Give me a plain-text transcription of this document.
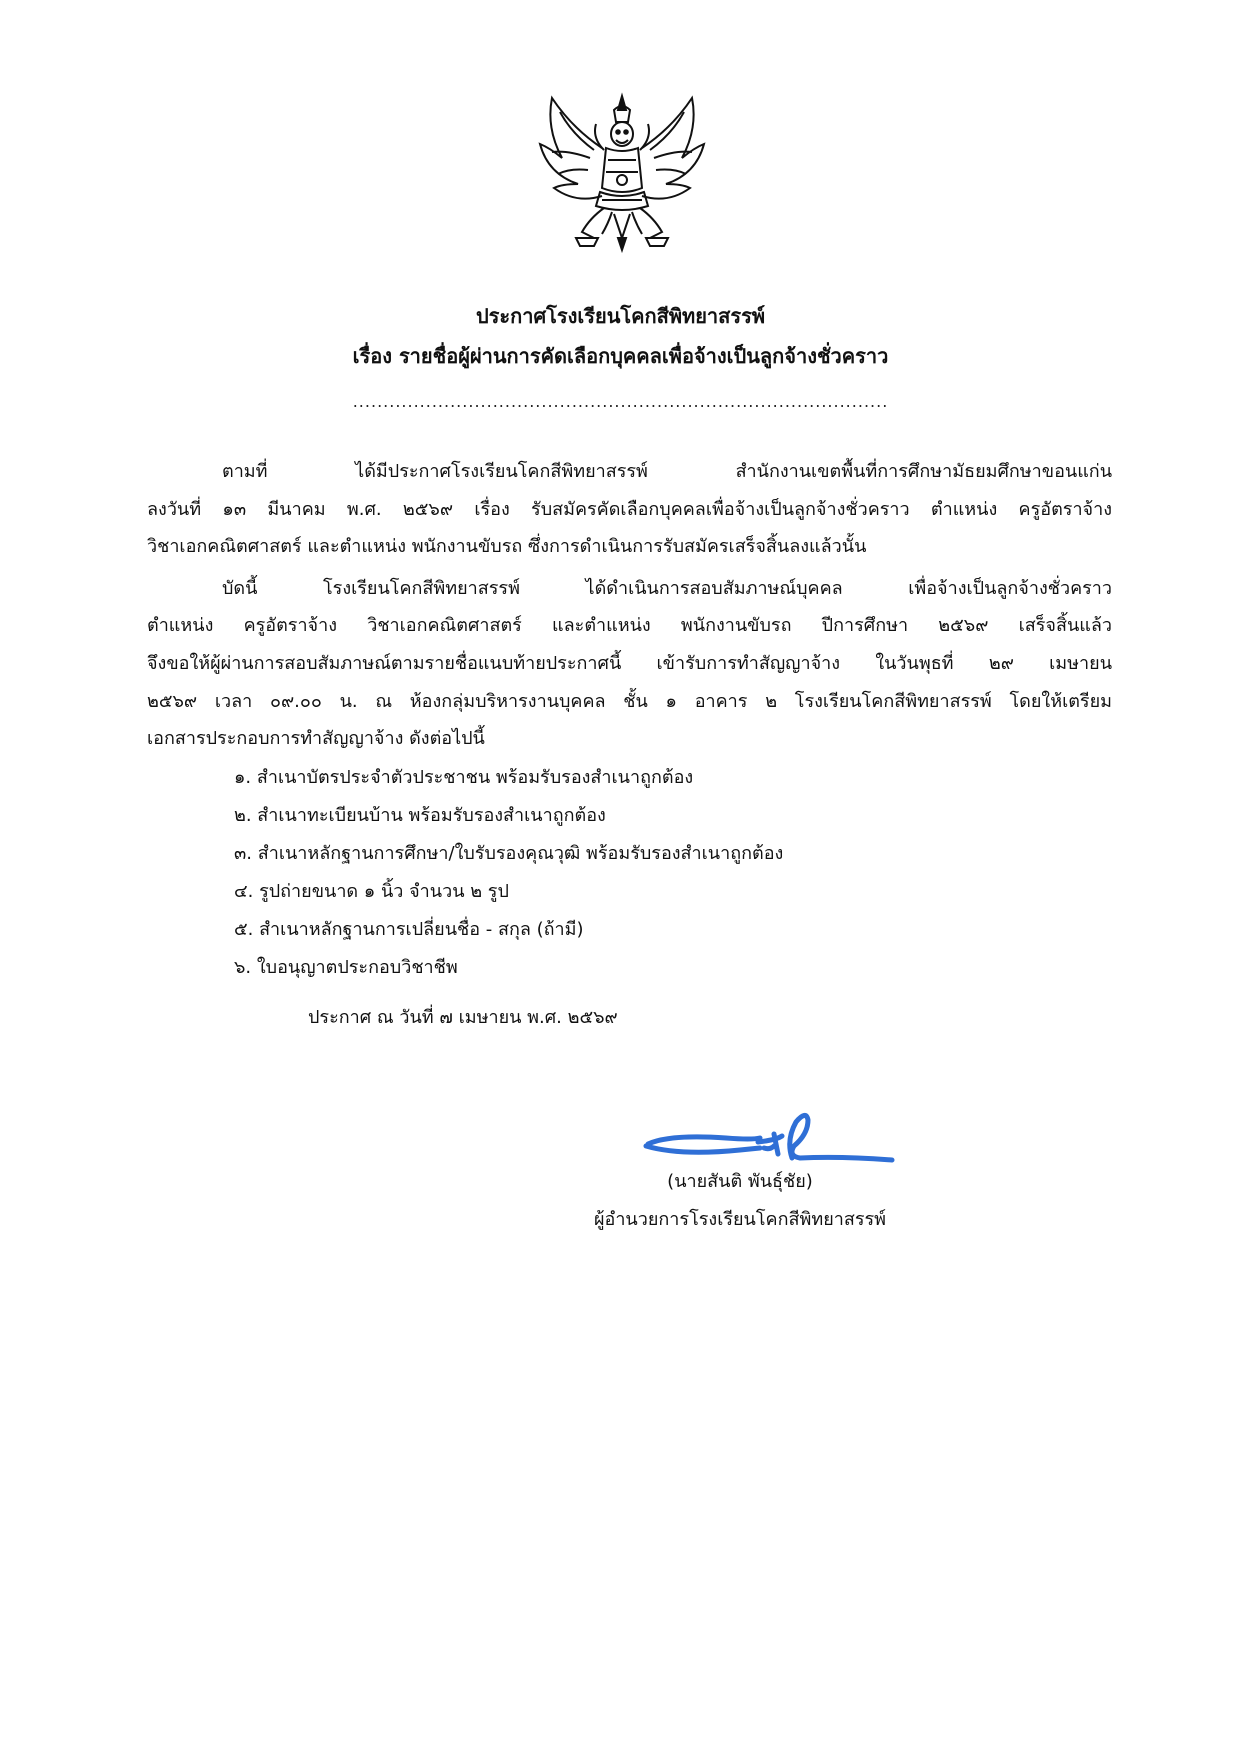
ประกาศโรงเรียนโคกสีพิทยาสรรพ์
เรื่อง รายชื่อผู้ผ่านการคัดเลือกบุคคลเพื่อจ้างเป็นลูกจ้างชั่วคราว
........................................................................................
ตามที่ ได้มีประกาศโรงเรียนโคกสีพิทยาสรรพ์ สำนักงานเขตพื้นที่การศึกษามัธยมศึกษาขอนแก่น
ลงวันที่ ๑๓ มีนาคม พ.ศ. ๒๕๖๙ เรื่อง รับสมัครคัดเลือกบุคคลเพื่อจ้างเป็นลูกจ้างชั่วคราว ตำแหน่ง ครูอัตราจ้าง
วิชาเอกคณิตศาสตร์ และตำแหน่ง พนักงานขับรถ ซึ่งการดำเนินการรับสมัครเสร็จสิ้นลงแล้วนั้น
บัดนี้ โรงเรียนโคกสีพิทยาสรรพ์ ได้ดำเนินการสอบสัมภาษณ์บุคคล เพื่อจ้างเป็นลูกจ้างชั่วคราว
ตำแหน่ง ครูอัตราจ้าง วิชาเอกคณิตศาสตร์ และตำแหน่ง พนักงานขับรถ ปีการศึกษา ๒๕๖๙ เสร็จสิ้นแล้ว
จึงขอให้ผู้ผ่านการสอบสัมภาษณ์ตามรายชื่อแนบท้ายประกาศนี้ เข้ารับการทำสัญญาจ้าง ในวันพุธที่ ๒๙ เมษายน
๒๕๖๙ เวลา ๐๙.๐๐ น. ณ ห้องกลุ่มบริหารงานบุคคล ชั้น ๑ อาคาร ๒ โรงเรียนโคกสีพิทยาสรรพ์ โดยให้เตรียม
เอกสารประกอบการทำสัญญาจ้าง ดังต่อไปนี้
๑. สำเนาบัตรประจำตัวประชาชน พร้อมรับรองสำเนาถูกต้อง
๒. สำเนาทะเบียนบ้าน พร้อมรับรองสำเนาถูกต้อง
๓. สำเนาหลักฐานการศึกษา/ใบรับรองคุณวุฒิ พร้อมรับรองสำเนาถูกต้อง
๔. รูปถ่ายขนาด ๑ นิ้ว จำนวน ๒ รูป
๕. สำเนาหลักฐานการเปลี่ยนชื่อ - สกุล (ถ้ามี)
๖. ใบอนุญาตประกอบวิชาชีพ
ประกาศ ณ วันที่ ๗ เมษายน พ.ศ. ๒๕๖๙
(นายสันติ พันธุ์ชัย)
ผู้อำนวยการโรงเรียนโคกสีพิทยาสรรพ์
